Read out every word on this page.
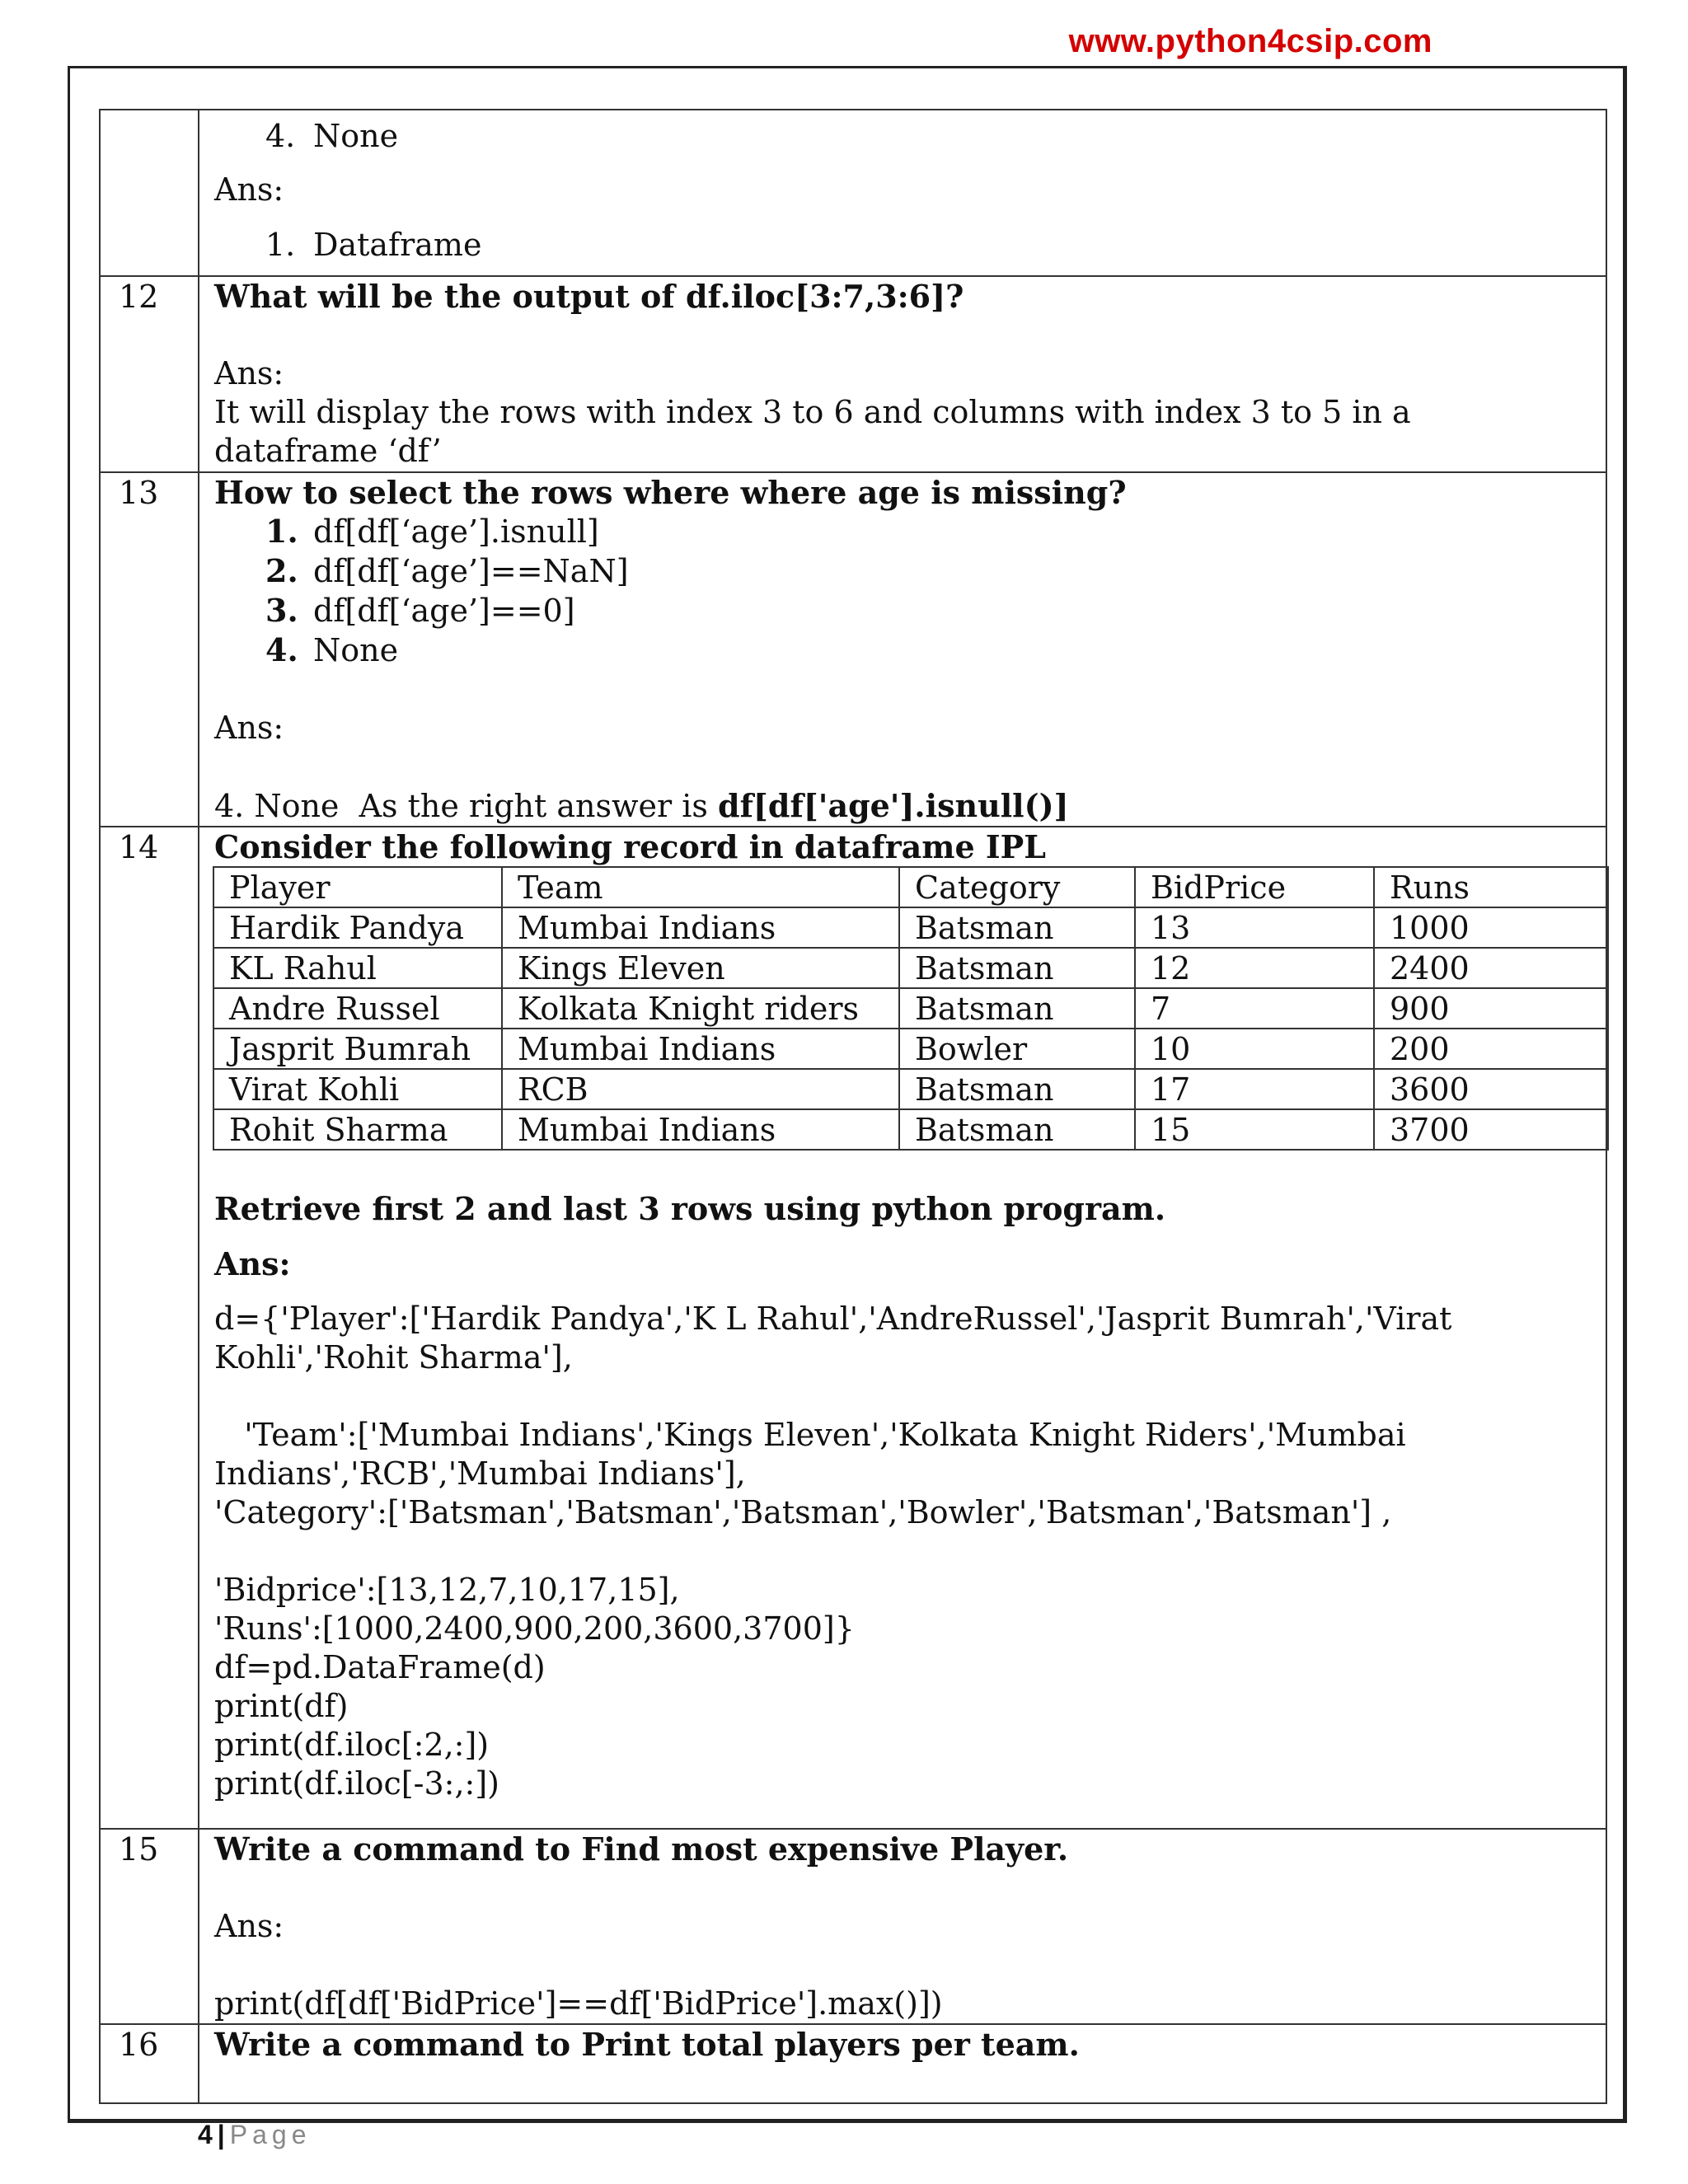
www.python4csip.com

4. None
Ans:
1. Dataframe

12	What will be the output of df.iloc[3:7,3:6]?
Ans:
It will display the rows with index 3 to 6 and columns with index 3 to 5 in a dataframe ‘df’

13	How to select the rows where where age is missing?
1. df[df[‘age’].isnull]
2. df[df[‘age’]==NaN]
3. df[df[‘age’]==0]
4. None
Ans:
4. None  As the right answer is df[df['age'].isnull()]

14	Consider the following record in dataframe IPL
Player	Team	Category	BidPrice	Runs
Hardik Pandya	Mumbai Indians	Batsman	13	1000
KL Rahul	Kings Eleven	Batsman	12	2400
Andre Russel	Kolkata Knight riders	Batsman	7	900
Jasprit Bumrah	Mumbai Indians	Bowler	10	200
Virat Kohli	RCB	Batsman	17	3600
Rohit Sharma	Mumbai Indians	Batsman	15	3700
Retrieve first 2 and last 3 rows using python program.
Ans:
d={'Player':['Hardik Pandya','K L Rahul','AndreRussel','Jasprit Bumrah','Virat
Kohli','Rohit Sharma'],
'Team':['Mumbai Indians','Kings Eleven','Kolkata Knight Riders','Mumbai
Indians','RCB','Mumbai Indians'],
'Category':['Batsman','Batsman','Batsman','Bowler','Batsman','Batsman'] ,
'Bidprice':[13,12,7,10,17,15],
'Runs':[1000,2400,900,200,3600,3700]}
df=pd.DataFrame(d)
print(df)
print(df.iloc[:2,:])
print(df.iloc[-3:,:])

15	Write a command to Find most expensive Player.
Ans:
print(df[df['BidPrice']==df['BidPrice'].max()])

16	Write a command to Print total players per team.
4 | Page
